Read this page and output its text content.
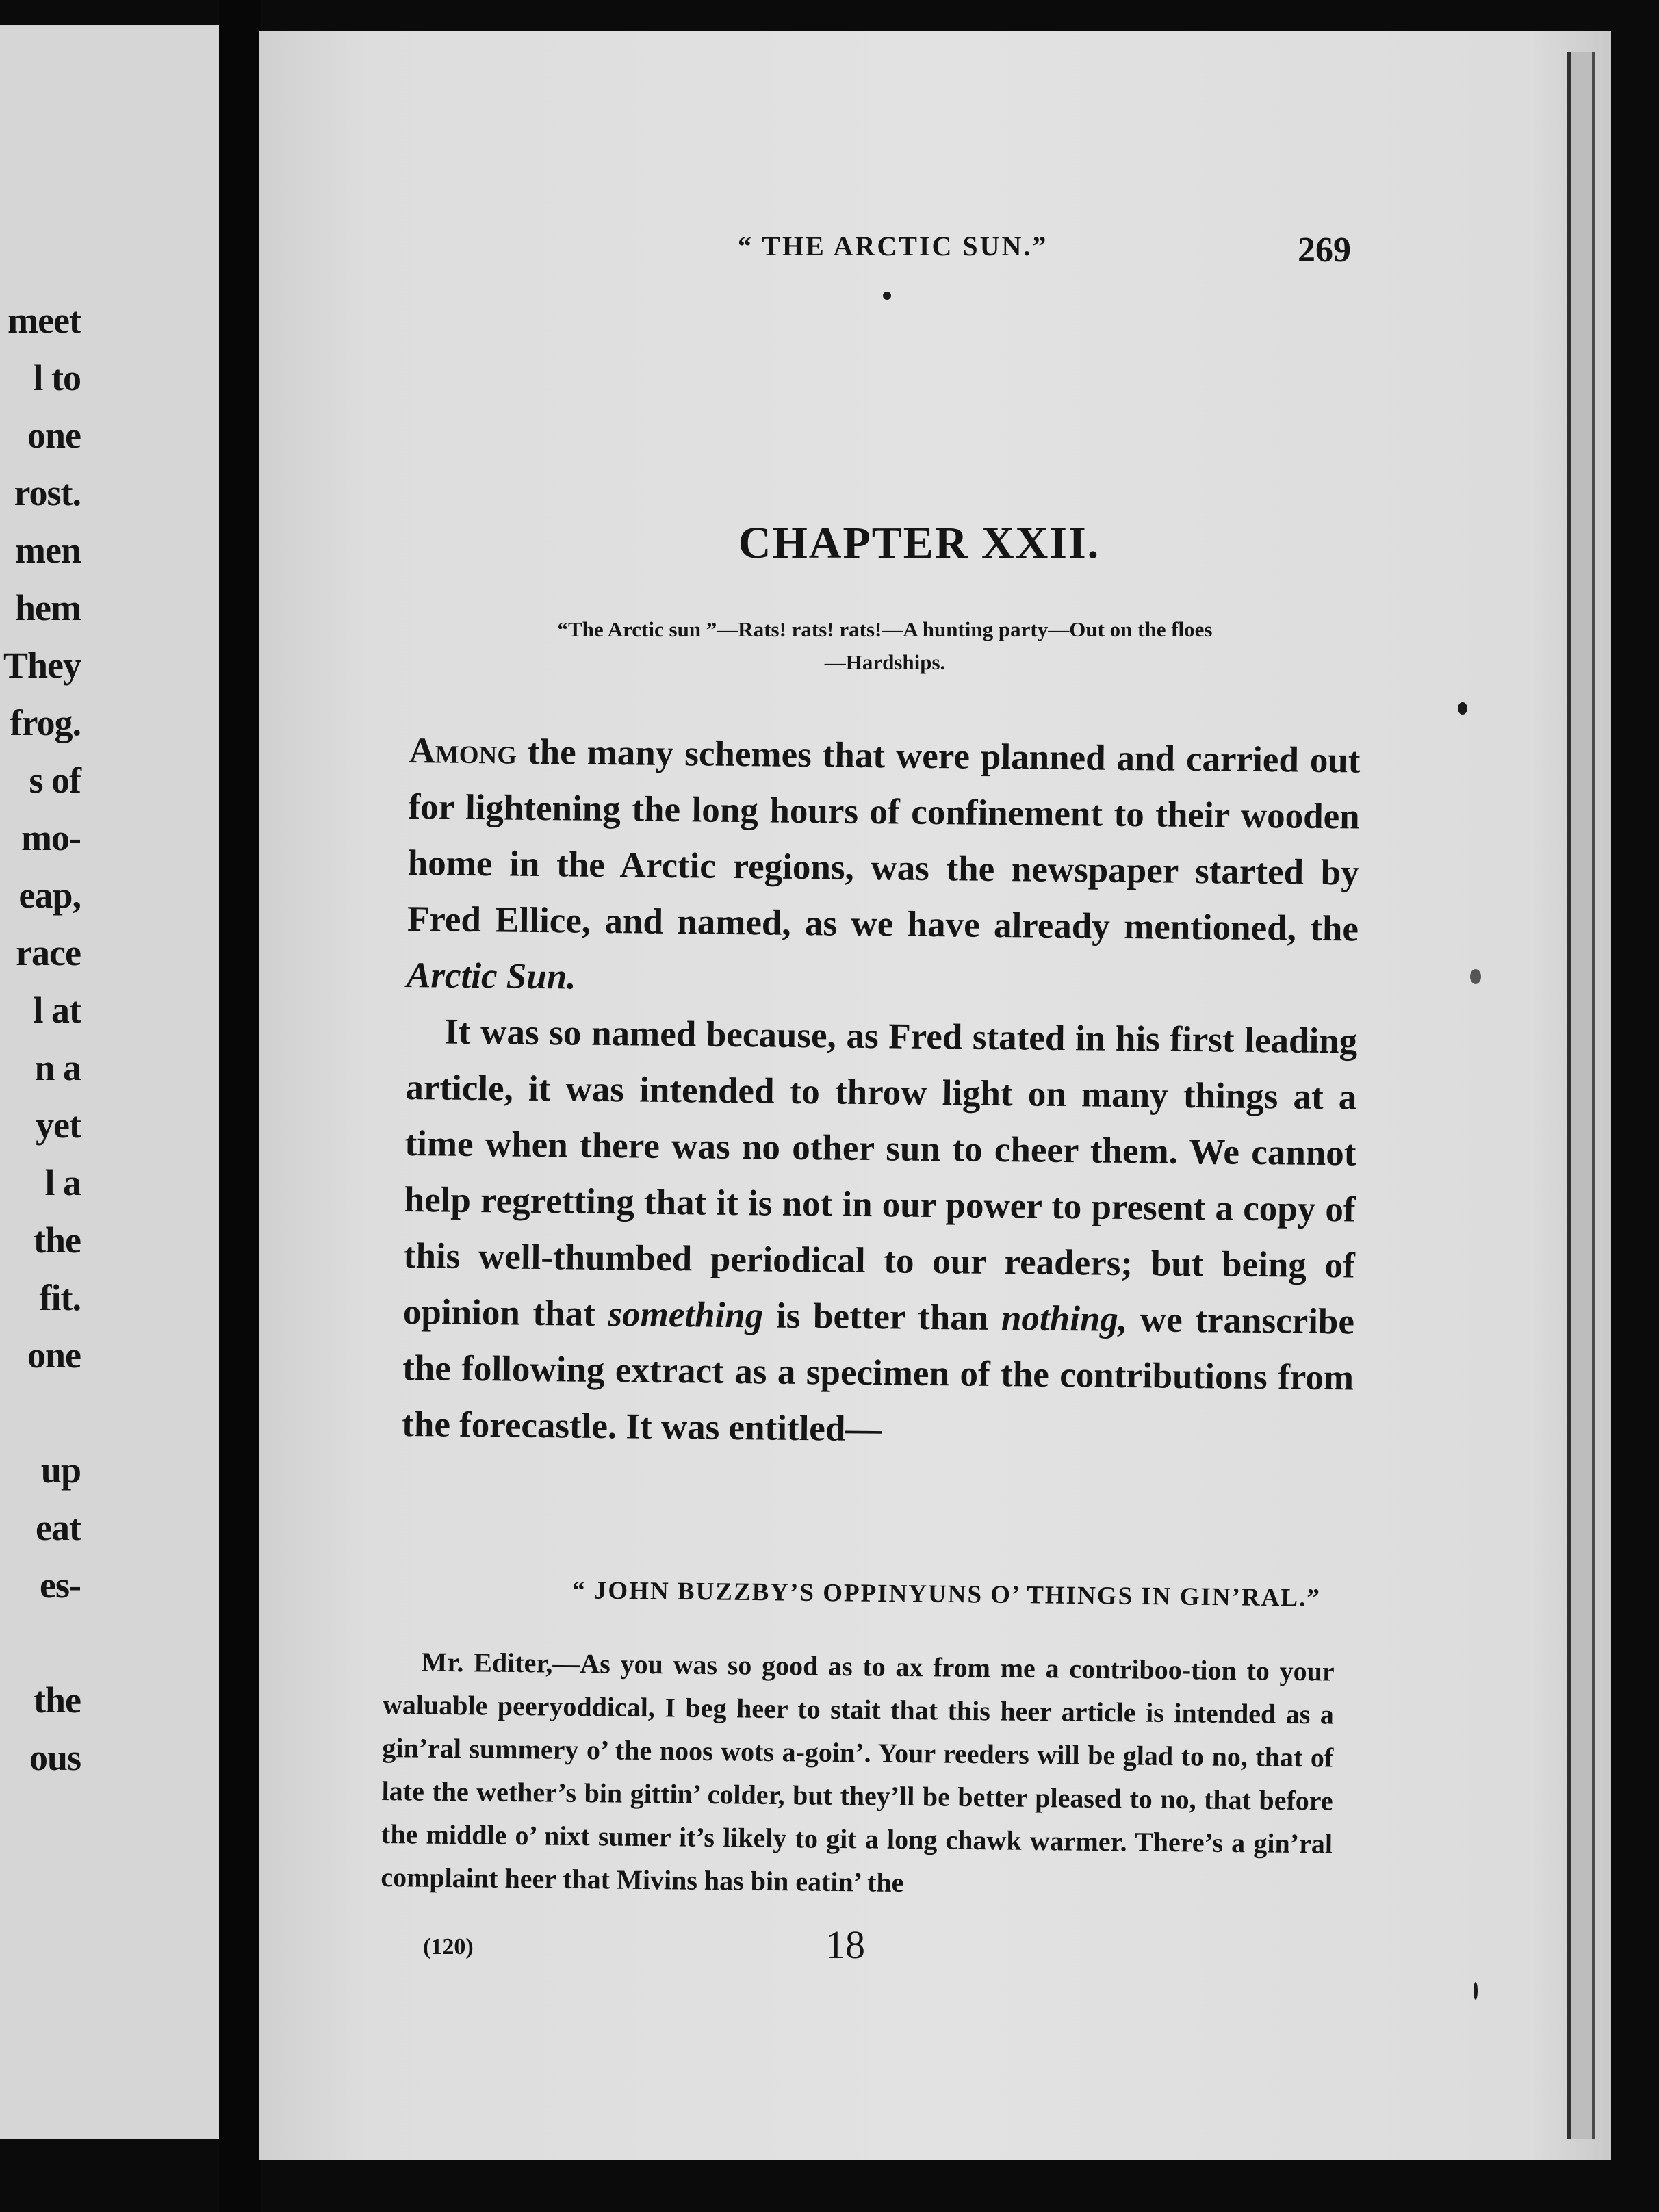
meet
l to
one
rost.
men
hem
They
frog.
s of
mo-
eap,
race
l at
n a
yet
l a
the
fit.
one
up
eat
es-
the
ous
“ THE ARCTIC SUN.”	269
CHAPTER XXII.
“The Arctic sun ”—Rats! rats! rats!—A hunting party—Out on the floes
—Hardships.

Among the many schemes that were planned and carried out for lightening the long hours of confinement to their wooden home in the Arctic regions, was the newspaper started by Fred Ellice, and named, as we have already mentioned, the Arctic Sun.

It was so named because, as Fred stated in his first leading article, it was intended to throw light on many things at a time when there was no other sun to cheer them. We cannot help regretting that it is not in our power to present a copy of this well-thumbed periodical to our readers; but being of opinion that something is better than nothing, we transcribe the following extract as a specimen of the contributions from the forecastle. It was entitled—

“ JOHN BUZZBY’S OPPINYUNS O’ THINGS IN GIN’RAL.”

Mr. Editer,—As you was so good as to ax from me a contriboo-tion to your waluable peeryoddical, I beg heer to stait that this heer article is intended as a gin’ral summery o’ the noos wots a-goin’. Your reeders will be glad to no, that of late the wether’s bin gittin’ colder, but they’ll be better pleased to no, that before the middle o’ nixt sumer it’s likely to git a long chawk warmer. There’s a gin’ral complaint heer that Mivins has bin eatin’ the

(120)	18
